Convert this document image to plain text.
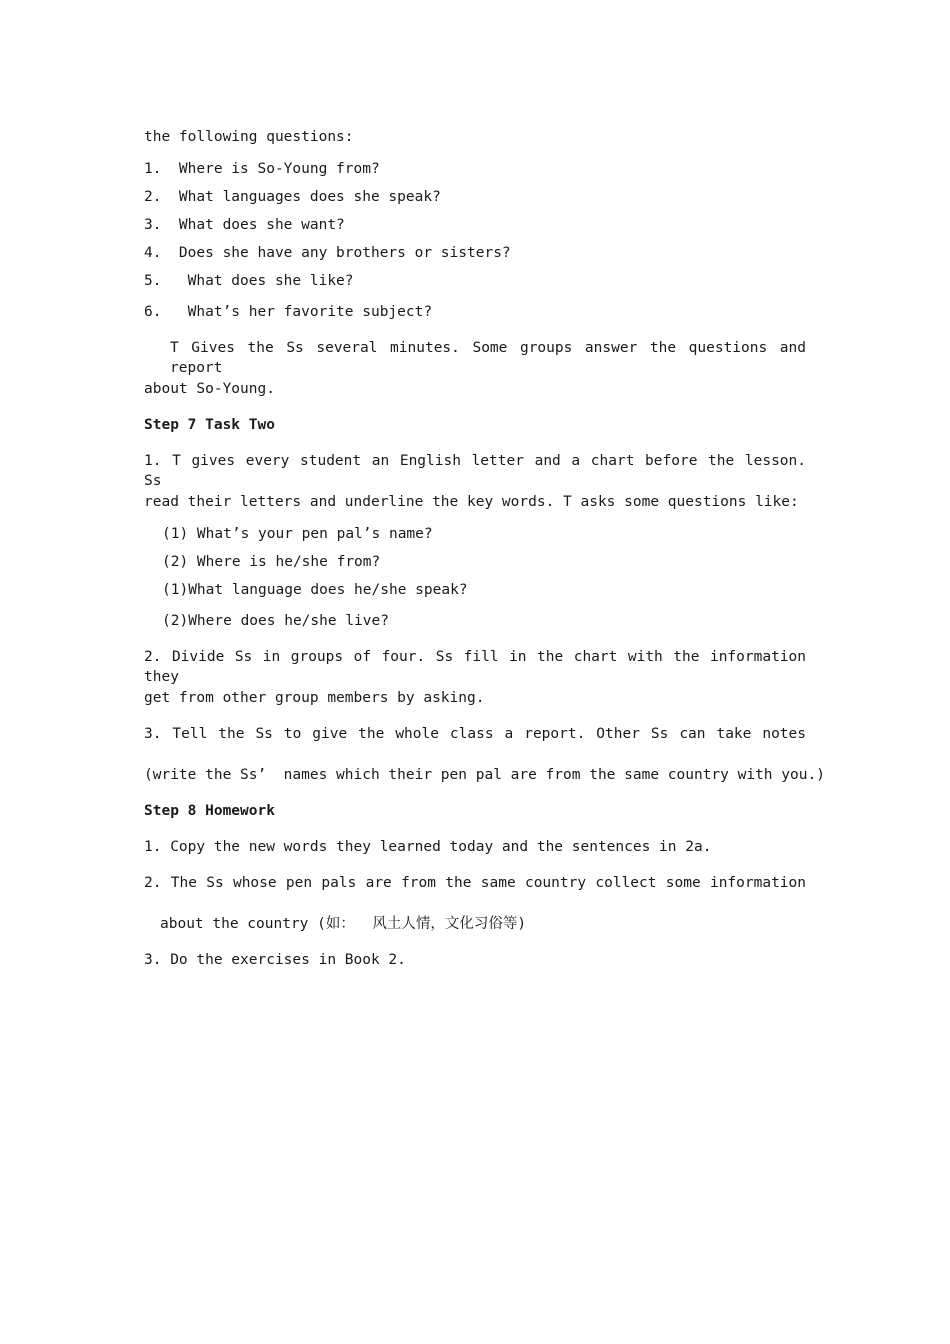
the following questions:
1.  Where is So-Young from?
2.  What languages does she speak?
3.  What does she want?
4.  Does she have any brothers or sisters?
5.   What does she like?
6.   What’s her favorite subject?
T Gives the Ss several minutes. Some groups answer the questions and report
about So-Young.
Step 7 Task Two
1. T gives every student an English letter and a chart before the lesson. Ss
read their letters and underline the key words. T asks some questions like:
(1) What’s your pen pal’s name?
(2) Where is he/she from?
(1)What language does he/she speak?
(2)Where does he/she live?
2. Divide Ss in groups of four. Ss fill in the chart with the information they
get from other group members by asking.
3. Tell the Ss to give the whole class a report. Other Ss can take notes
(write the Ss’  names which their pen pal are from the same country with you.)
Step 8 Homework
1. Copy the new words they learned today and the sentences in 2a.
2. The Ss whose pen pals are from the same country collect some information
about the country (如：  风土人情，文化习俗等)
3. Do the exercises in Book 2.
